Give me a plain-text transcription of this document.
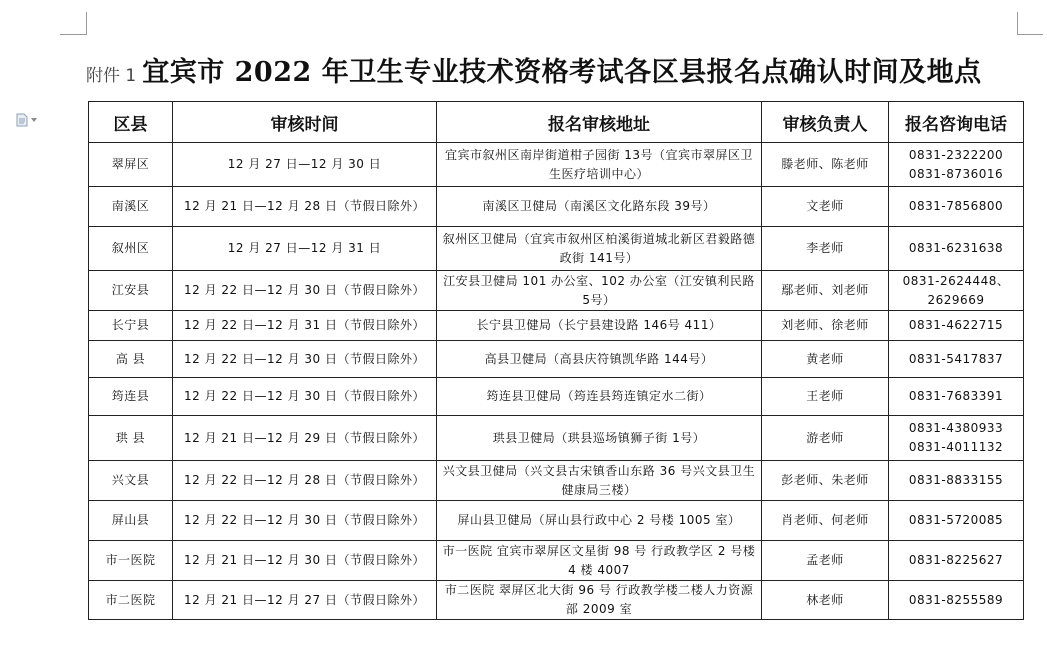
附件 1 宜宾市 2022 年卫生专业技术资格考试各区县报名点确认时间及地点
区县	审核时间	报名审核地址	审核负责人	报名咨询电话
翠屏区	12 月 27 日—12 月 30 日	宜宾市叙州区南岸街道柑子园街 13号（宜宾市翠屏区卫生医疗培训中心）	滕老师、陈老师	0831-2322200
0831-8736016
南溪区	12 月 21 日—12 月 28 日（节假日除外）	南溪区卫健局（南溪区文化路东段 39号）	文老师	0831-7856800
叙州区	12 月 27 日—12 月 31 日	叙州区卫健局（宜宾市叙州区柏溪街道城北新区君毅路德政街 141号）	李老师	0831-6231638
江安县	12 月 22 日—12 月 30 日（节假日除外）	江安县卫健局 101 办公室、102 办公室（江安镇利民路 5号）	鄢老师、刘老师	0831-2624448、
2629669
长宁县	12 月 22 日—12 月 31 日（节假日除外）	长宁县卫健局（长宁县建设路 146号 411）	刘老师、徐老师	0831-4622715
高 县	12 月 22 日—12 月 30 日（节假日除外）	高县卫健局（高县庆符镇凯华路 144号）	黄老师	0831-5417837
筠连县	12 月 22 日—12 月 30 日（节假日除外）	筠连县卫健局（筠连县筠连镇定水二街）	王老师	0831-7683391
珙 县	12 月 21 日—12 月 29 日（节假日除外）	珙县卫健局（珙县巡场镇狮子街 1号）	游老师	0831-4380933
0831-4011132
兴文县	12 月 22 日—12 月 28 日（节假日除外）	兴文县卫健局（兴文县古宋镇香山东路 36 号兴文县卫生健康局三楼）	彭老师、朱老师	0831-8833155
屏山县	12 月 22 日—12 月 30 日（节假日除外）	屏山县卫健局（屏山县行政中心 2 号楼 1005 室）	肖老师、何老师	0831-5720085
市一医院	12 月 21 日—12 月 30 日（节假日除外）	市一医院 宜宾市翠屏区文星街 98 号 行政教学区 2 号楼 4 楼 4007	孟老师	0831-8225627
市二医院	12 月 21 日—12 月 27 日（节假日除外）	市二医院 翠屏区北大街 96 号 行政教学楼二楼人力资源部 2009 室	林老师	0831-8255589
